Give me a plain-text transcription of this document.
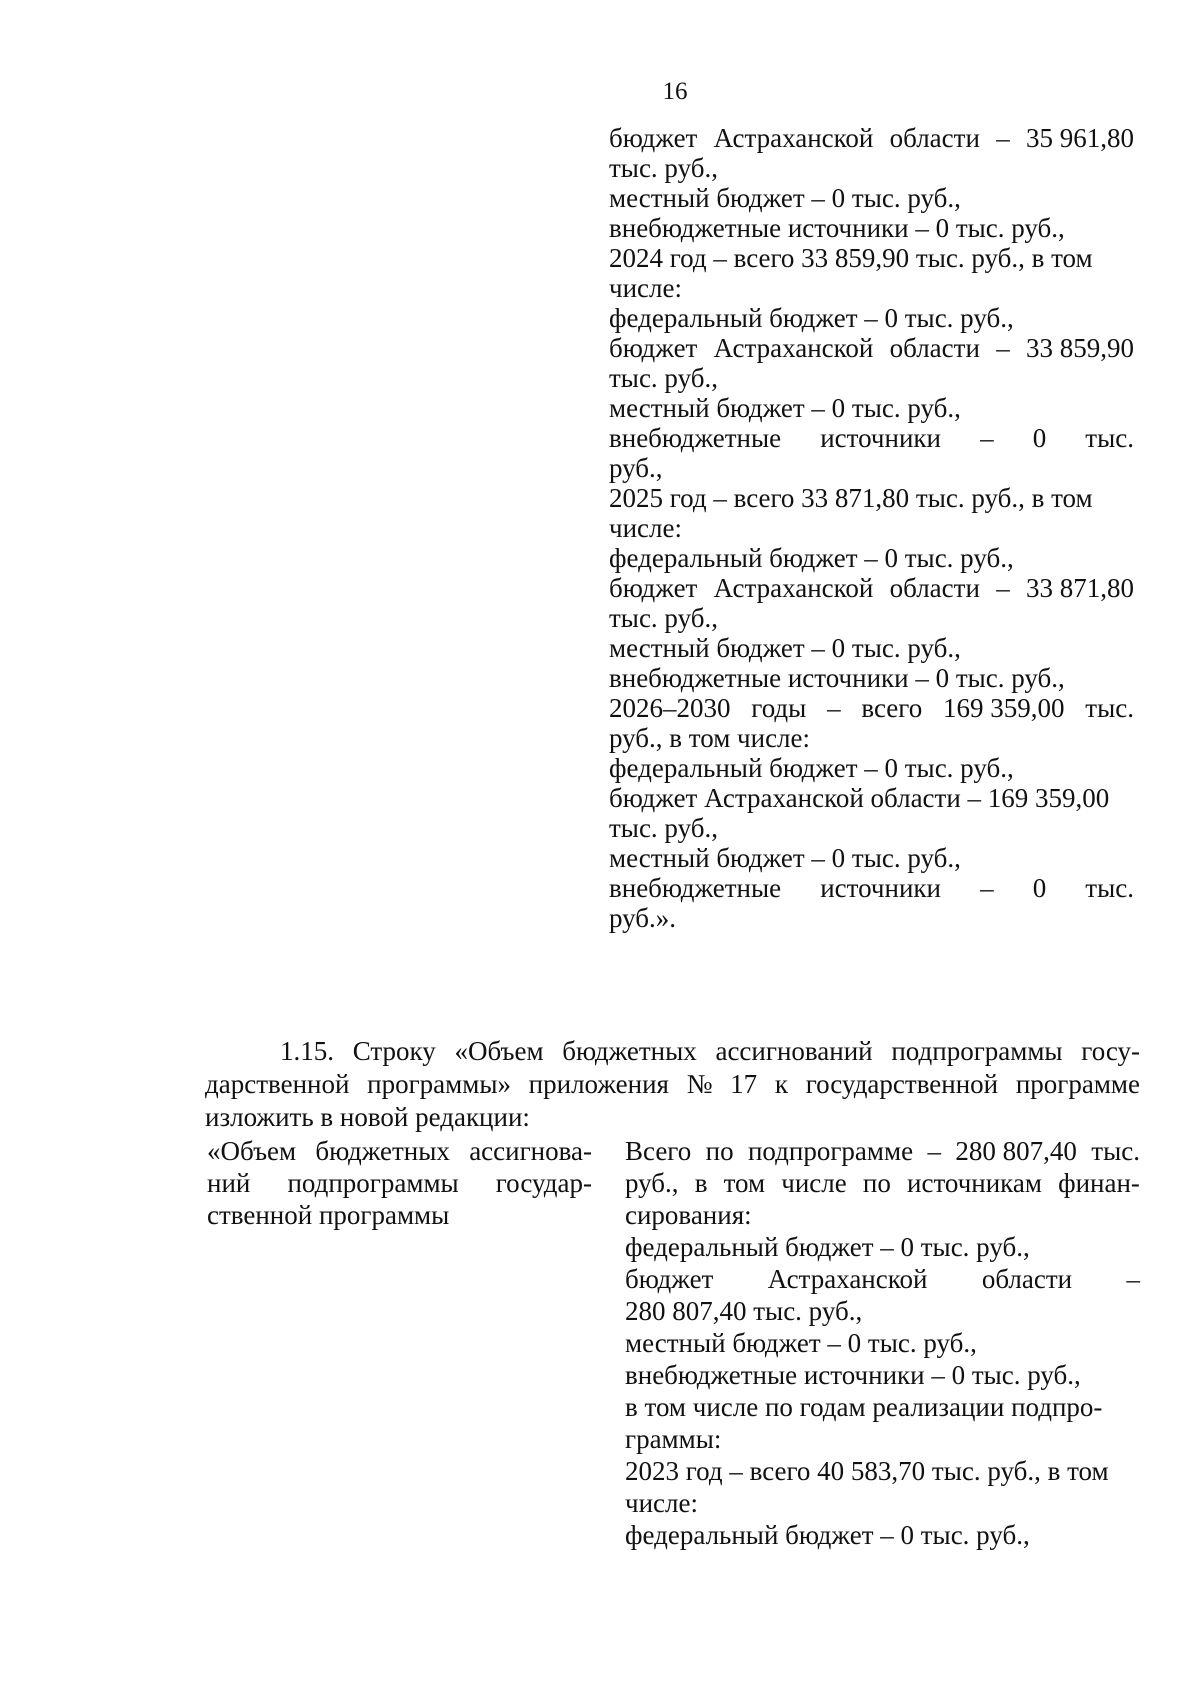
16
бюджет Астраханской области – 35 961,80
тыс. руб.,
местный бюджет – 0 тыс. руб.,
внебюджетные источники – 0 тыс. руб.,
2024 год – всего 33 859,90 тыс. руб., в том
числе:
федеральный бюджет – 0 тыс. руб.,
бюджет Астраханской области – 33 859,90
тыс. руб.,
местный бюджет – 0 тыс. руб.,
внебюджетные источники – 0 тыс.
руб.,
2025 год – всего 33 871,80 тыс. руб., в том
числе:
федеральный бюджет – 0 тыс. руб.,
бюджет Астраханской области – 33 871,80
тыс. руб.,
местный бюджет – 0 тыс. руб.,
внебюджетные источники – 0 тыс. руб.,
2026–2030 годы – всего 169 359,00 тыс.
руб., в том числе:
федеральный бюджет – 0 тыс. руб.,
бюджет Астраханской области – 169 359,00
тыс. руб.,
местный бюджет – 0 тыс. руб.,
внебюджетные источники – 0 тыс.
руб.».
1.15. Строку «Объем бюджетных ассигнований подпрограммы госу-
дарственной программы» приложения № 17 к государственной программе
изложить в новой редакции:
«Объем бюджетных ассигнова-
ний подпрограммы государ-
ственной программы
Всего по подпрограмме – 280 807,40 тыс.
руб., в том числе по источникам финан-
сирования:
федеральный бюджет – 0 тыс. руб.,
бюджет Астраханской области –
280 807,40 тыс. руб.,
местный бюджет – 0 тыс. руб.,
внебюджетные источники – 0 тыс. руб.,
в том числе по годам реализации подпро-
граммы:
2023 год – всего 40 583,70 тыс. руб., в том
числе:
федеральный бюджет – 0 тыс. руб.,
